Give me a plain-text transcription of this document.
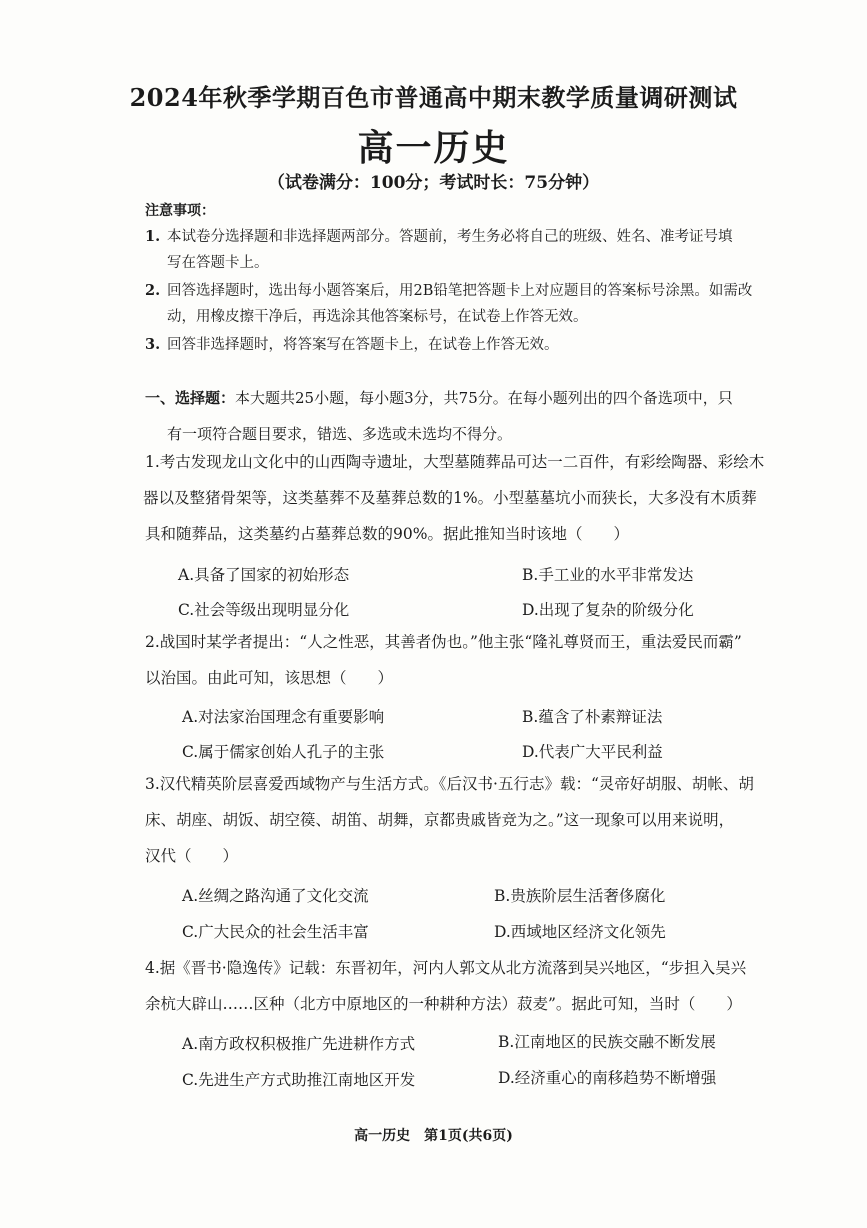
2024年秋季学期百色市普通高中期末教学质量调研测试
高一历史
（试卷满分：100分；考试时长：75分钟）
注意事项：
1. 本试卷分选择题和非选择题两部分。答题前，考生务必将自己的班级、姓名、准考证号填
写在答题卡上。
2. 回答选择题时，选出每小题答案后，用2B铅笔把答题卡上对应题目的答案标号涂黑。如需改
动，用橡皮擦干净后，再选涂其他答案标号，在试卷上作答无效。
3. 回答非选择题时，将答案写在答题卡上，在试卷上作答无效。
一、选择题：本大题共25小题，每小题3分，共75分。在每小题列出的四个备选项中，只
有一项符合题目要求，错选、多选或未选均不得分。
1.考古发现龙山文化中的山西陶寺遗址，大型墓随葬品可达一二百件，有彩绘陶器、彩绘木
器以及整猪骨架等，这类墓葬不及墓葬总数的1%。小型墓墓坑小而狭长，大多没有木质葬
具和随葬品，这类墓约占墓葬总数的90%。据此推知当时该地（　　）
A.具备了国家的初始形态	B.手工业的水平非常发达
C.社会等级出现明显分化	D.出现了复杂的阶级分化
2.战国时某学者提出：“人之性恶，其善者伪也。”他主张“隆礼尊贤而王，重法爱民而霸”
以治国。由此可知，该思想（　　）
A.对法家治国理念有重要影响	B.蕴含了朴素辩证法
C.属于儒家创始人孔子的主张	D.代表广大平民利益
3.汉代精英阶层喜爱西域物产与生活方式。《后汉书·五行志》载：“灵帝好胡服、胡帐、胡
床、胡座、胡饭、胡空篌、胡笛、胡舞，京都贵戚皆竞为之。”这一现象可以用来说明，
汉代（　　）
A.丝绸之路沟通了文化交流	B.贵族阶层生活奢侈腐化
C.广大民众的社会生活丰富	D.西域地区经济文化领先
4.据《晋书·隐逸传》记载：东晋初年，河内人郭文从北方流落到吴兴地区，“步担入吴兴
余杭大辟山……区种（北方中原地区的一种耕种方法）菽麦”。据此可知，当时（　　）
A.南方政权积极推广先进耕作方式	B.江南地区的民族交融不断发展
C.先进生产方式助推江南地区开发	D.经济重心的南移趋势不断增强
高一历史　第1页(共6页)
